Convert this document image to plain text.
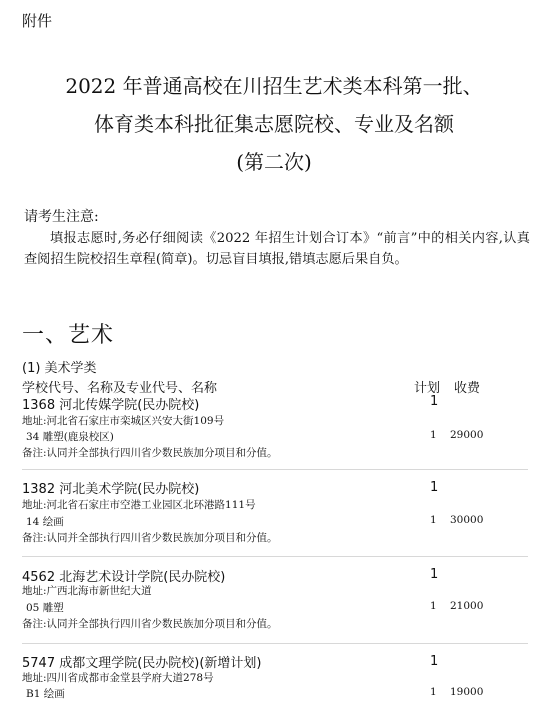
附件
2022 年普通高校在川招生艺术类本科第一批、
体育类本科批征集志愿院校、专业及名额
(第二次)
请考生注意:
填报志愿时,务必仔细阅读《2022 年招生计划合订本》“前言”中的相关内容,认真查阅招生院校招生章程(简章)。切忌盲目填报,错填志愿后果自负。
一、艺术
(1) 美术学类
学校代号、名称及专业代号、名称	计划 收费
1368 河北传媒学院(民办院校)	1
地址:河北省石家庄市栾城区兴安大街109号
34 雕塑(鹿泉校区)	1 29000
备注:认同并全部执行四川省少数民族加分项目和分值。
1382 河北美术学院(民办院校)	1
地址:河北省石家庄市空港工业园区北环港路111号
14 绘画	1 30000
备注:认同并全部执行四川省少数民族加分项目和分值。
4562 北海艺术设计学院(民办院校)	1
地址:广西北海市新世纪大道
05 雕塑	1 21000
备注:认同并全部执行四川省少数民族加分项目和分值。
5747 成都文理学院(民办院校)(新增计划)	1
地址:四川省成都市金堂县学府大道278号
B1 绘画	1 19000
